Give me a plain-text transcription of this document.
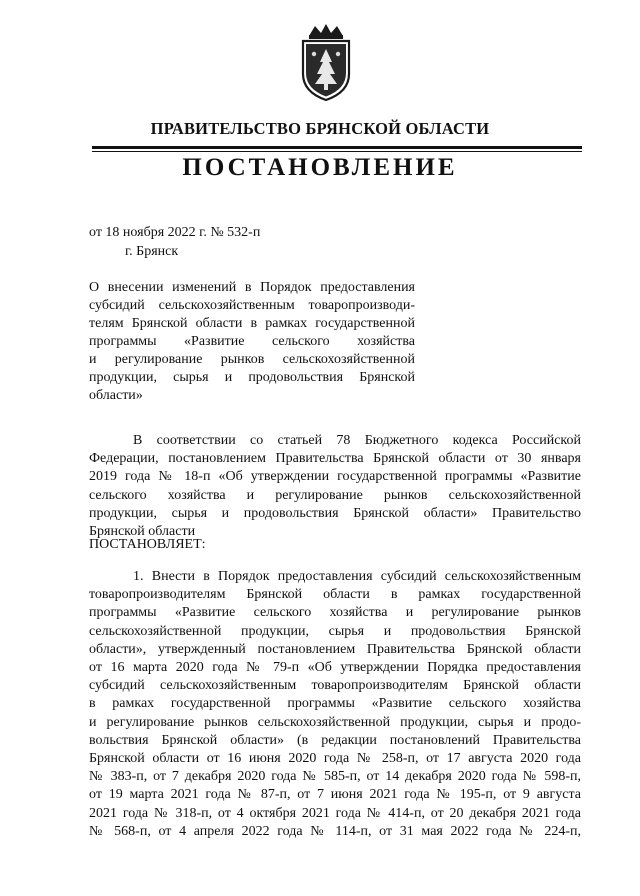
ПРАВИТЕЛЬСТВО БРЯНСКОЙ ОБЛАСТИ
ПОСТАНОВЛЕНИЕ
от 18 ноября 2022 г. № 532-п
г. Брянск
О внесении изменений в Порядок предоставления
субсидий сельскохозяйственным товаропроизводи-
телям Брянской области в рамках государственной
программы «Развитие сельского хозяйства
и регулирование рынков сельскохозяйственной
продукции, сырья и продовольствия Брянской
области»
В соответствии со статьей 78 Бюджетного кодекса Российской
Федерации, постановлением Правительства Брянской области от 30 января
2019 года № 18-п «Об утверждении государственной программы «Развитие
сельского хозяйства и регулирование рынков сельскохозяйственной
продукции, сырья и продовольствия Брянской области» Правительство
Брянской области
ПОСТАНОВЛЯЕТ:
1. Внести в Порядок предоставления субсидий сельскохозяйственным
товаропроизводителям Брянской области в рамках государственной
программы «Развитие сельского хозяйства и регулирование рынков
сельскохозяйственной продукции, сырья и продовольствия Брянской
области», утвержденный постановлением Правительства Брянской области
от 16 марта 2020 года № 79-п «Об утверждении Порядка предоставления
субсидий сельскохозяйственным товаропроизводителям Брянской области
в рамках государственной программы «Развитие сельского хозяйства
и регулирование рынков сельскохозяйственной продукции, сырья и продо-
вольствия Брянской области» (в редакции постановлений Правительства
Брянской области от 16 июня 2020 года № 258-п, от 17 августа 2020 года
№ 383-п, от 7 декабря 2020 года № 585-п, от 14 декабря 2020 года № 598-п,
от 19 марта 2021 года № 87-п, от 7 июня 2021 года № 195-п, от 9 августа
2021 года № 318-п, от 4 октября 2021 года № 414-п, от 20 декабря 2021 года
№ 568-п, от 4 апреля 2022 года № 114-п, от 31 мая 2022 года № 224-п,
